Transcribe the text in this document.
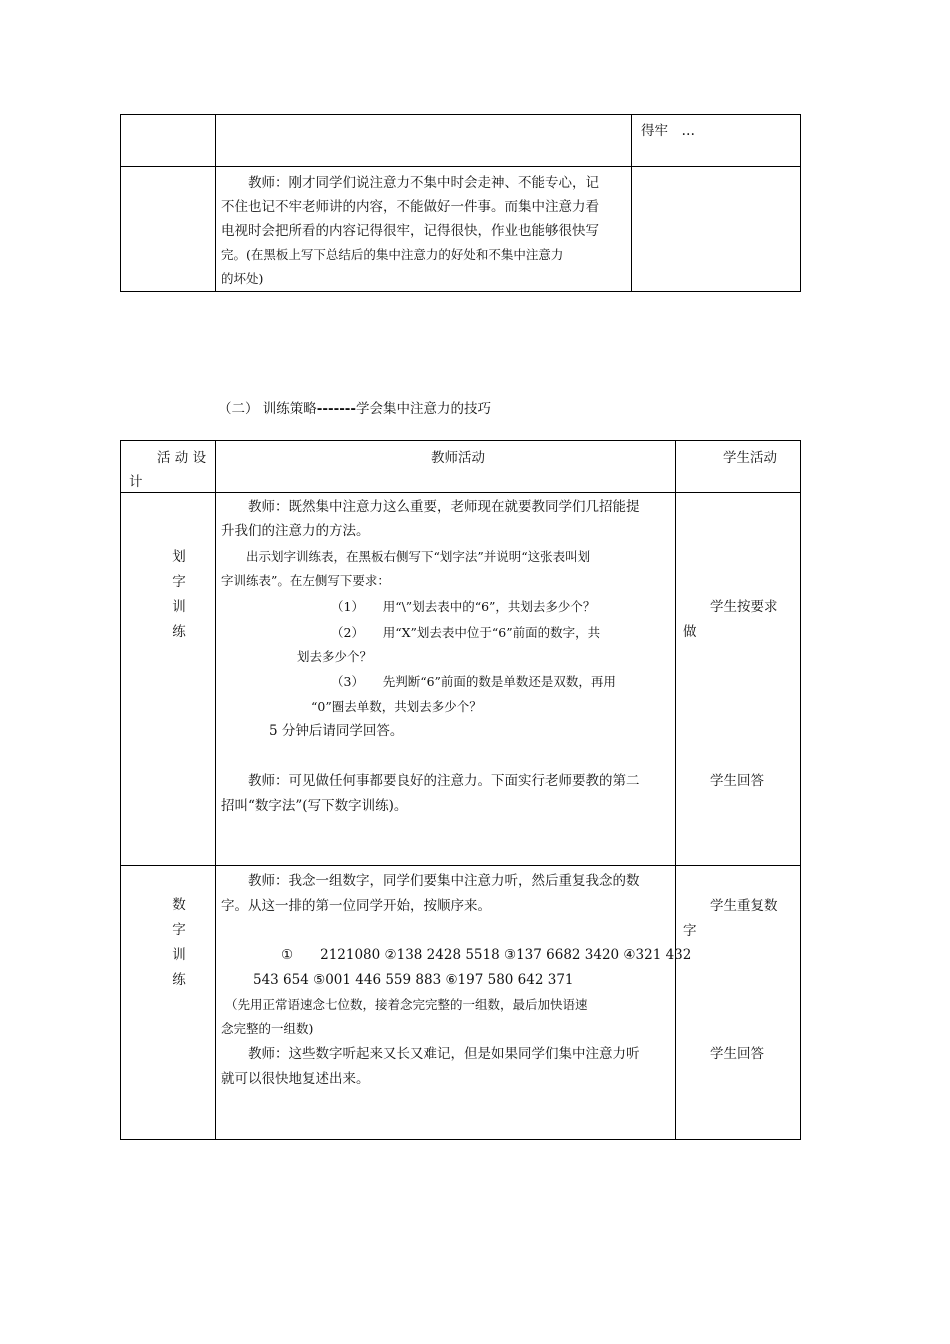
得牢　…
　　教师：刚才同学们说注意力不集中时会走神、不能专心，记
不住也记不牢老师讲的内容，不能做好一件事。而集中注意力看
电视时会把所看的内容记得很牢，记得很快，作业也能够很快写
完。(在黑板上写下总结后的集中注意力的好处和不集中注意力
的坏处)
（二） 训练策略-------学会集中注意力的技巧
活 动 设
计
教师活动	学生活动
划
字
训
练
　　教师：既然集中注意力这么重要，老师现在就要教同学们几招能提
升我们的注意力的方法。
　　出示划字训练表，在黑板右侧写下“划字法”并说明“这张表叫划
字训练表”。在左侧写下要求：
（1）　　用“\”划去表中的“6”，共划去多少个？
（2）　　用“X”划去表中位于“6”前面的数字，共
划去多少个？
（3）　　先判断“6”前面的数是单数还是双数，再用
“0”圈去单数，共划去多少个？
5 分钟后请同学回答。
　　教师：可见做任何事都要良好的注意力。下面实行老师要教的第二
招叫“数字法”(写下数字训练)。
　　学生按要求
做
　　学生回答
数
字
训
练
　　教师：我念一组数字，同学们要集中注意力听，然后重复我念的数
字。从这一排的第一位同学开始，按顺序来。
①　　2121080 ②138 2428 5518 ③137 6682 3420 ④321 432
543 654 ⑤001 446 559 883 ⑥197 580 642 371
（先用正常语速念七位数，接着念完完整的一组数，最后加快语速
念完整的一组数)
　　教师：这些数字听起来又长又难记，但是如果同学们集中注意力听
就可以很快地复述出来。
　　学生重复数
字
　　学生回答
